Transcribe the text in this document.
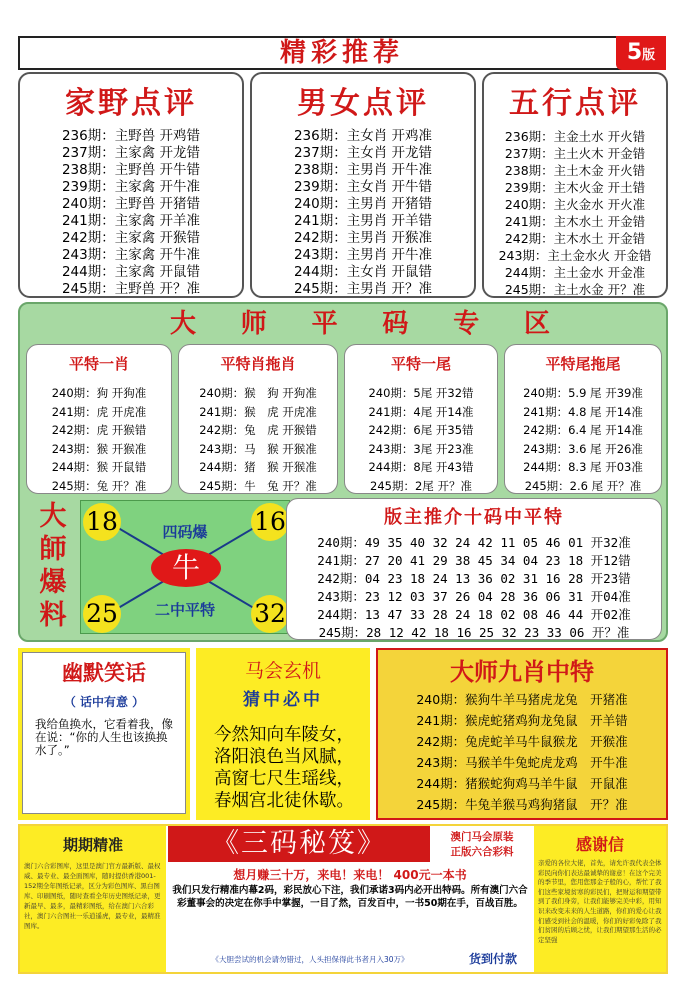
精彩推荐	5版
家野点评
236期：主野兽 开鸡错
237期：主家禽 开龙错
238期：主野兽 开牛错
239期：主家禽 开牛准
240期：主野兽 开猪错
241期：主家禽 开羊准
242期：主家禽 开猴错
243期：主家禽 开牛准
244期：主家禽 开鼠错
245期：主野兽 开？准
男女点评
236期：主女肖 开鸡准
237期：主女肖 开龙错
238期：主男肖 开牛准
239期：主女肖 开牛错
240期：主男肖 开猪错
241期：主男肖 开羊错
242期：主男肖 开猴准
243期：主男肖 开牛准
244期：主女肖 开鼠错
245期：主男肖 开？准
五行点评
236期：主金土水 开火错
237期：主土火木 开金错
238期：主土木金 开火错
239期：主木火金 开土错
240期：主火金水 开火准
241期：主木水土 开金错
242期：主木水土 开金错
243期：主土金水火 开金错
244期：主土金水 开金准
245期：主土水金 开？准
大 师 平 码 专 区
平特一肖
240期：狗 开狗准
241期：虎 开虎准
242期：虎 开猴错
243期：猴 开猴准
244期：猴 开鼠错
245期：兔 开？准
平特肖拖肖
240期：猴　狗 开狗准
241期：猴　虎 开虎准
242期：兔　虎 开猴错
243期：马　猴 开猴准
244期：猪　猴 开猴准
245期：牛　兔 开？准
平特一尾
240期：5尾 开32错
241期：4尾 开14准
242期：6尾 开35错
243期：3尾 开23准
244期：8尾 开43错
245期：2尾 开？准
平特尾拖尾
240期：5.9 尾 开39准
241期：4.8 尾 开14准
242期：6.4 尾 开14准
243期：3.6 尾 开26准
244期：8.3 尾 开03准
245期：2.6 尾 开？准
大
師
爆
料
18	16
25	32
四码爆
牛
二中平特
版主推介十码中平特
240期：49 35 40 32 24 42 11 05 46 01 开32准
241期：27 20 41 29 38 45 34 04 23 18 开12错
242期：04 23 18 24 13 36 02 31 16 28 开23错
243期：23 12 03 37 26 04 28 36 06 31 开04准
244期：13 47 33 28 24 18 02 08 46 44 开02准
245期：28 12 42 18 16 25 32 23 33 06 开？准
幽默笑话
（ 话中有意 ）
我给鱼换水，它看着我，像在说：“你的人生也该换换水了。”
马会玄机
猜中必中
今然知向车陵女，
洛阳浪色当风腻，
高窗七尺生瑶线，
春烟宫北徒休歇。
大师九肖中特
240期：猴狗牛羊马猪虎龙兔　开猪准
241期：猴虎蛇猪鸡狗龙兔鼠　开羊错
242期：兔虎蛇羊马牛鼠猴龙　开猴准
243期：马猴羊牛兔蛇虎龙鸡　开牛准
244期：猪猴蛇狗鸡马羊牛鼠　开鼠准
245期：牛兔羊猴马鸡狗猪鼠　开？准
期期精准
澳门六合彩图库，这里是澳门官方最新版、最权威、最专业、最全面图库，随时提供香港001-152期全年图纸记录，区分为彩色图库、黑白图库、印刷图纸，随时查看全年历史图纸记录，更新最早、最多，最精彩图纸，给在澳门六合彩社，澳门六合图社一乐逍遥虎，最专业，最精准图库。
《三码秘笈》	澳门马会原装
正版六合彩料
想月赚三十万，来电！来电！ 400元一本书
我们只发行精准内幕2码，彩民放心下注，我们承诺3码内必开出特码。所有澳门六合彩董事会的决定在你手中掌握，一目了然，百发百中，一书50期在手，百战百胜。
《大胆尝试的机会请勿错过，人头担保得此书者月入30万》	货到付款
感谢信
亲爱的各位大佬，首先，请允许我代表全体彩民向你们表达最诚挚的谢意！在这个完美的季节里，您用您那金子般的心，帮忙了我们这些家境贫寒的彩民们，把财运和期望带到了我们身旁，让我们能够完美中彩，用知识来改变未来的人生道路，你们的爱心让我们感受到社会的温暖，你们的好彩免除了我们贫困的后顾之忧，让我们期望那生活的必定坚强
